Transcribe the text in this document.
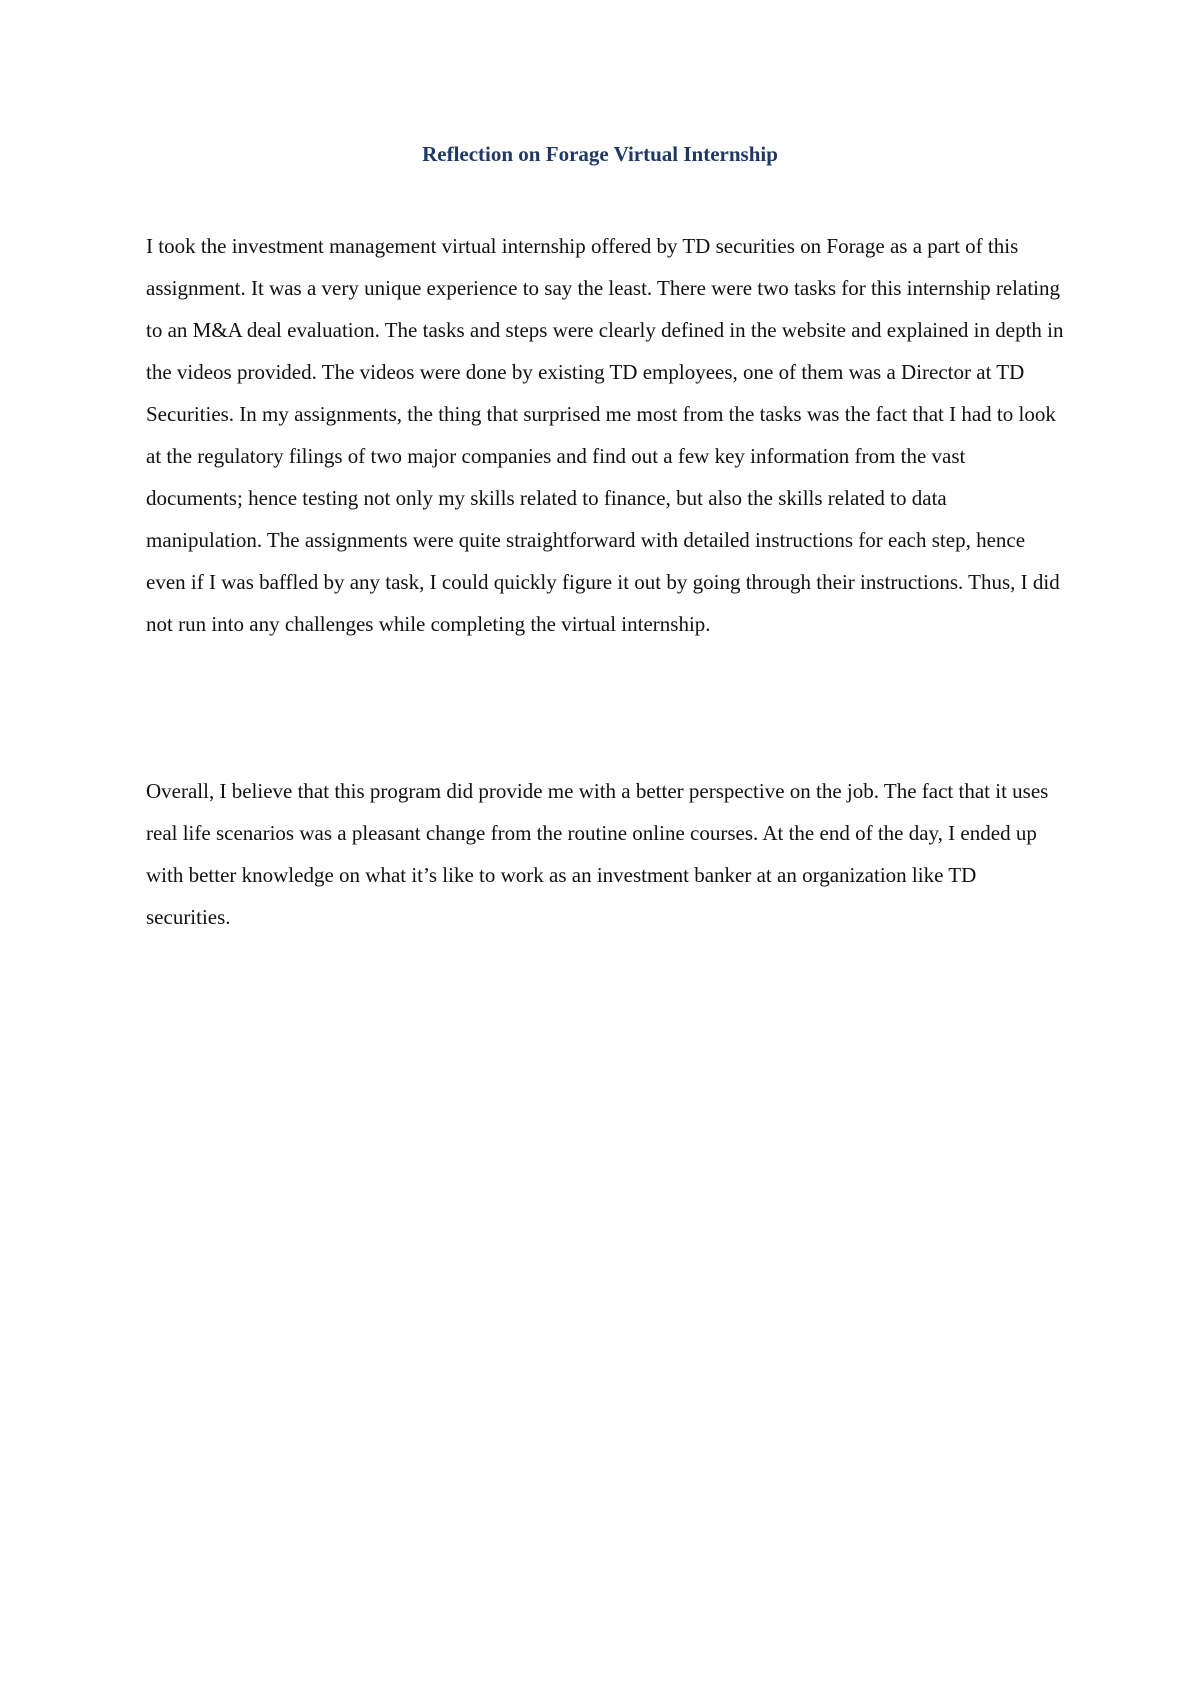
Reflection on Forage Virtual Internship

I took the investment management virtual internship offered by TD securities on Forage as a part of this assignment. It was a very unique experience to say the least. There were two tasks for this internship relating to an M&A deal evaluation. The tasks and steps were clearly defined in the website and explained in depth in the videos provided. The videos were done by existing TD employees, one of them was a Director at TD Securities. In my assignments, the thing that surprised me most from the tasks was the fact that I had to look at the regulatory filings of two major companies and find out a few key information from the vast documents; hence testing not only my skills related to finance, but also the skills related to data manipulation. The assignments were quite straightforward with detailed instructions for each step, hence even if I was baffled by any task, I could quickly figure it out by going through their instructions. Thus, I did not run into any challenges while completing the virtual internship.

Overall, I believe that this program did provide me with a better perspective on the job. The fact that it uses real life scenarios was a pleasant change from the routine online courses. At the end of the day, I ended up with better knowledge on what it’s like to work as an investment banker at an organization like TD securities.
